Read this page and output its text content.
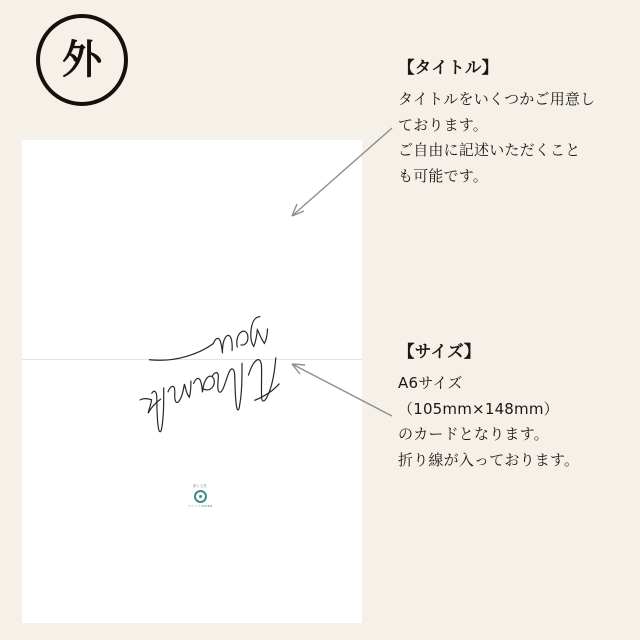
外
紙と文具
ココノワ PAPER
【タイトル】
タイトルをいくつかご用意し
ております。
ご自由に記述いただくこと
も可能です。
【サイズ】
A6サイズ
（105mm×148mm）
のカードとなります。
折り線が入っております。
